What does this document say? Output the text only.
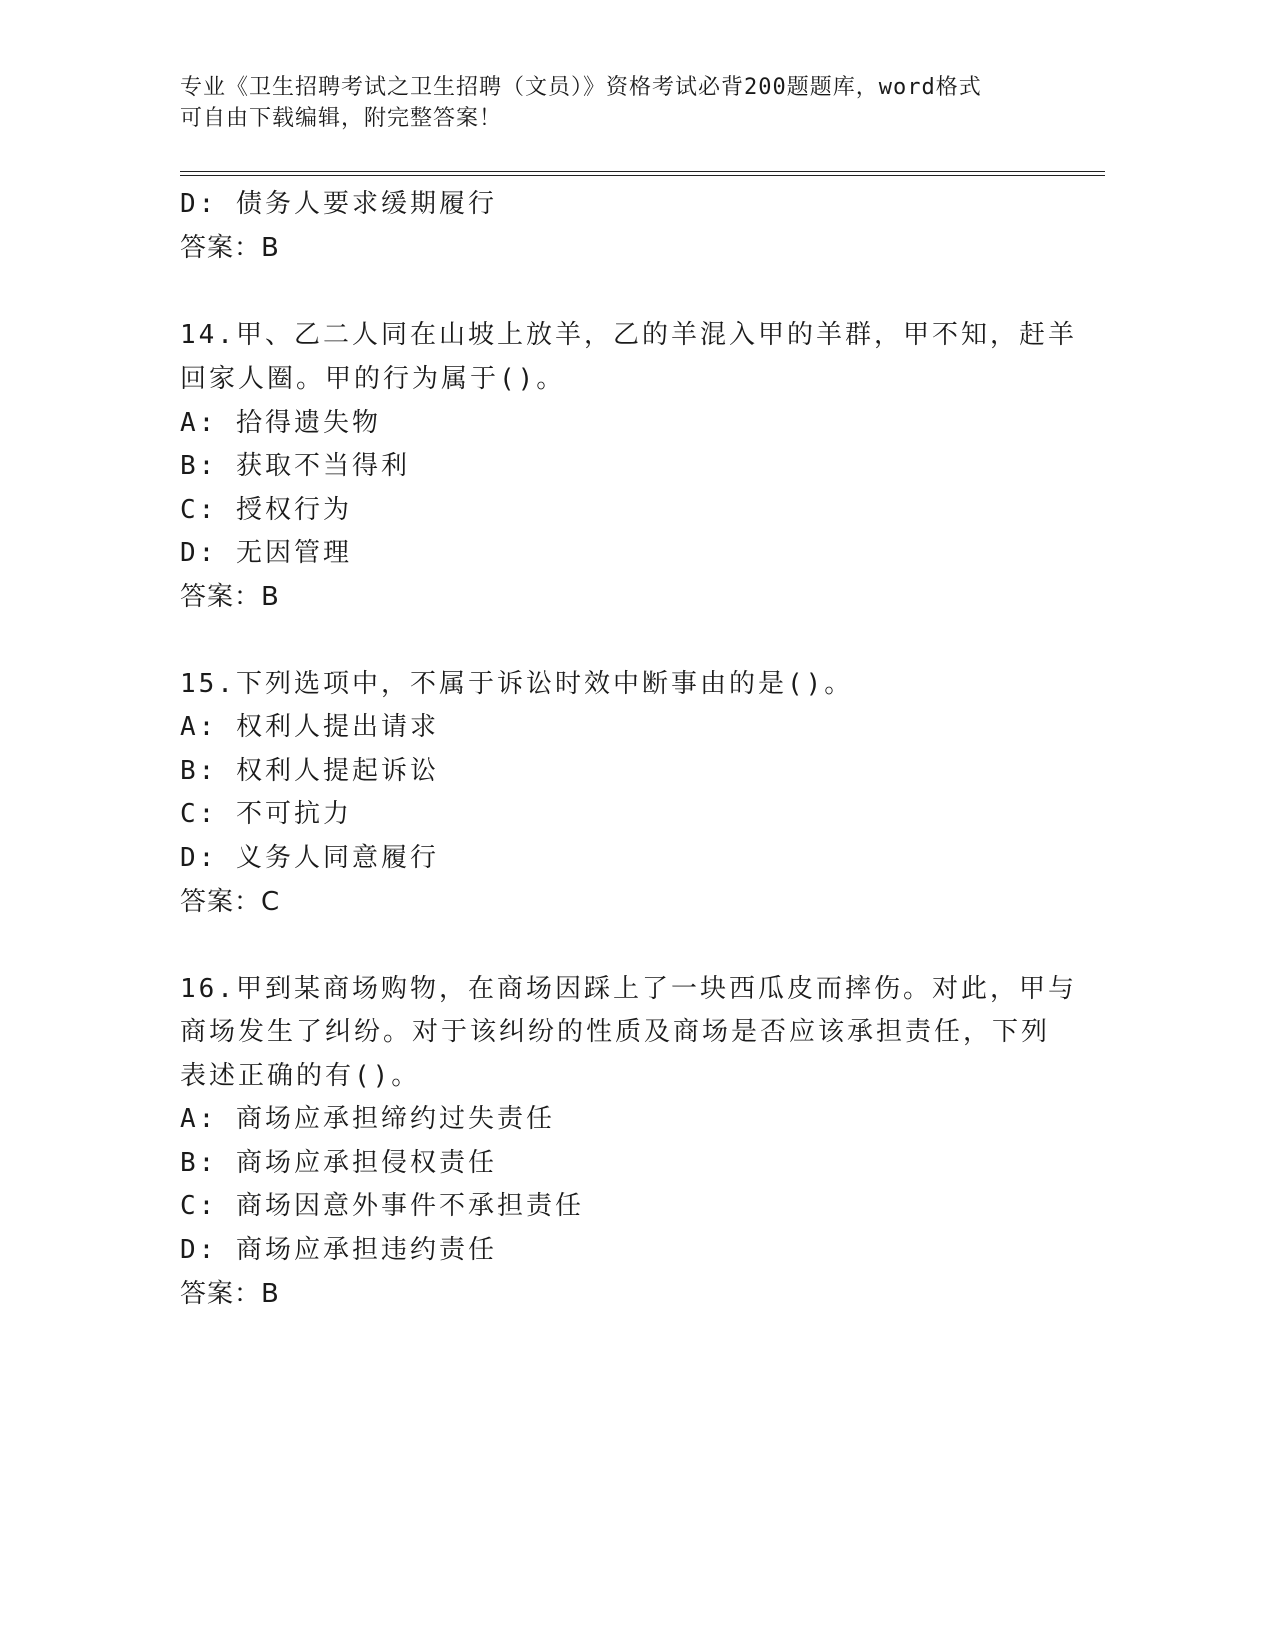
专业《卫生招聘考试之卫生招聘（文员）》资格考试必背200题题库，word格式
可自由下载编辑，附完整答案！
D: 债务人要求缓期履行
答案：B
14.甲、乙二人同在山坡上放羊，乙的羊混入甲的羊群，甲不知，赶羊
回家人圈。甲的行为属于()。
A: 拾得遗失物
B: 获取不当得利
C: 授权行为
D: 无因管理
答案：B
15.下列选项中，不属于诉讼时效中断事由的是()。
A: 权利人提出请求
B: 权利人提起诉讼
C: 不可抗力
D: 义务人同意履行
答案：C
16.甲到某商场购物，在商场因踩上了一块西瓜皮而摔伤。对此，甲与
商场发生了纠纷。对于该纠纷的性质及商场是否应该承担责任，下列
表述正确的有()。
A: 商场应承担缔约过失责任
B: 商场应承担侵权责任
C: 商场因意外事件不承担责任
D: 商场应承担违约责任
答案：B
